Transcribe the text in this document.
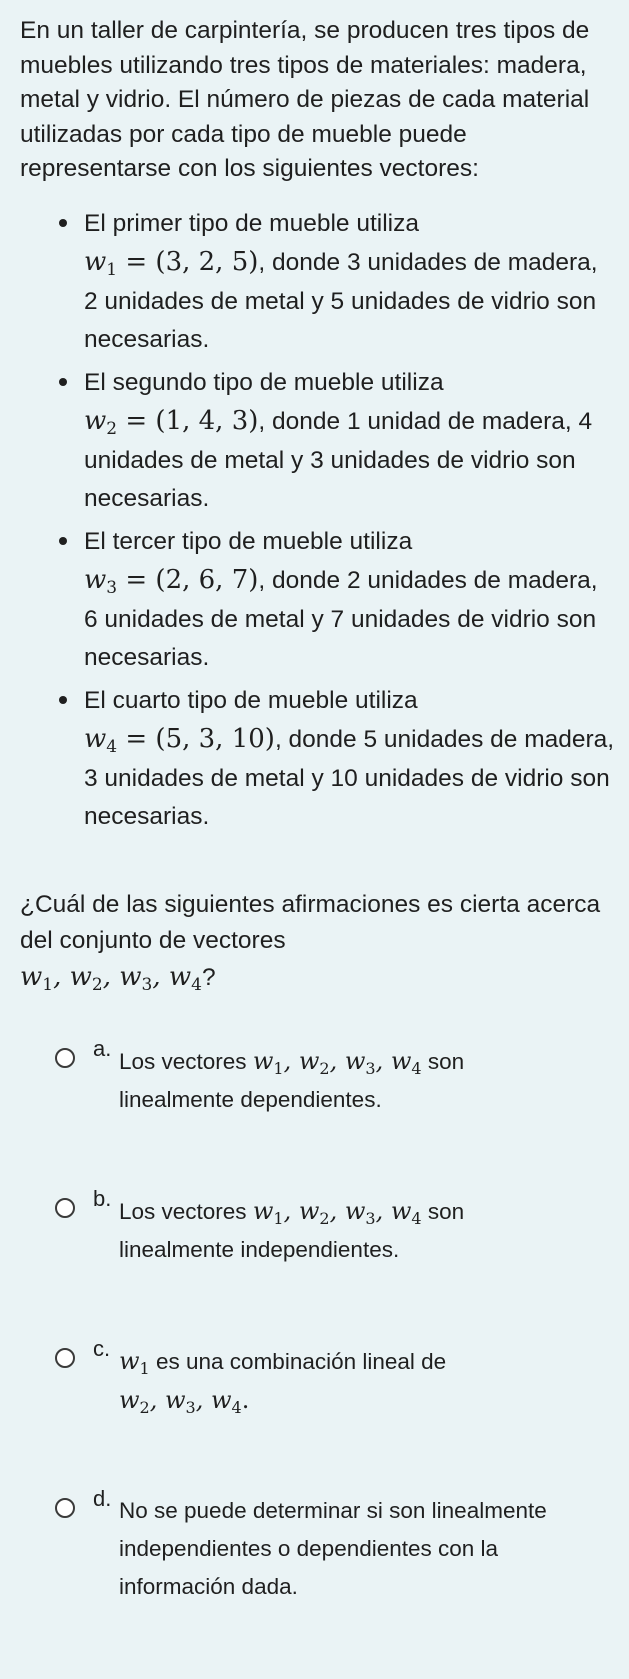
En un taller de carpintería, se producen tres tipos de muebles utilizando tres tipos de materiales: madera, metal y vidrio. El número de piezas de cada material utilizadas por cada tipo de mueble puede representarse con los siguientes vectores:

El primer tipo de mueble utiliza
$w_1 = (3$, 2, 5), donde 3 unidades de madera, 2 unidades de metal y 5 unidades de vidrio son necesarias.
El segundo tipo de mueble utiliza
$w_2 = (1$, 4, 3), donde 1 unidad de madera, 4 unidades de metal y 3 unidades de vidrio son necesarias.
El tercer tipo de mueble utiliza
$w_3 = (2$, 6, 7), donde 2 unidades de madera, 6 unidades de metal y 7 unidades de vidrio son necesarias.
El cuarto tipo de mueble utiliza
$w_4 = (5$, 3, 10), donde 5 unidades de madera, 3 unidades de metal y 10 unidades de vidrio son necesarias.

¿Cuál de las siguientes afirmaciones es cierta acerca del conjunto de vectores
$w_1$, $w_2$, $w_3$, $w_4$?

a.
Los vectores $w_1$, $w_2$, $w_3$, $w_4$ son linealmente dependientes.
b.
Los vectores $w_1$, $w_2$, $w_3$, $w_4$ son linealmente independientes.
c. $w_1$ es una combinación lineal de
$w_2$, $w_3$, $w_4$.
d. No se puede determinar si son linealmente independientes o dependientes con la información dada.
